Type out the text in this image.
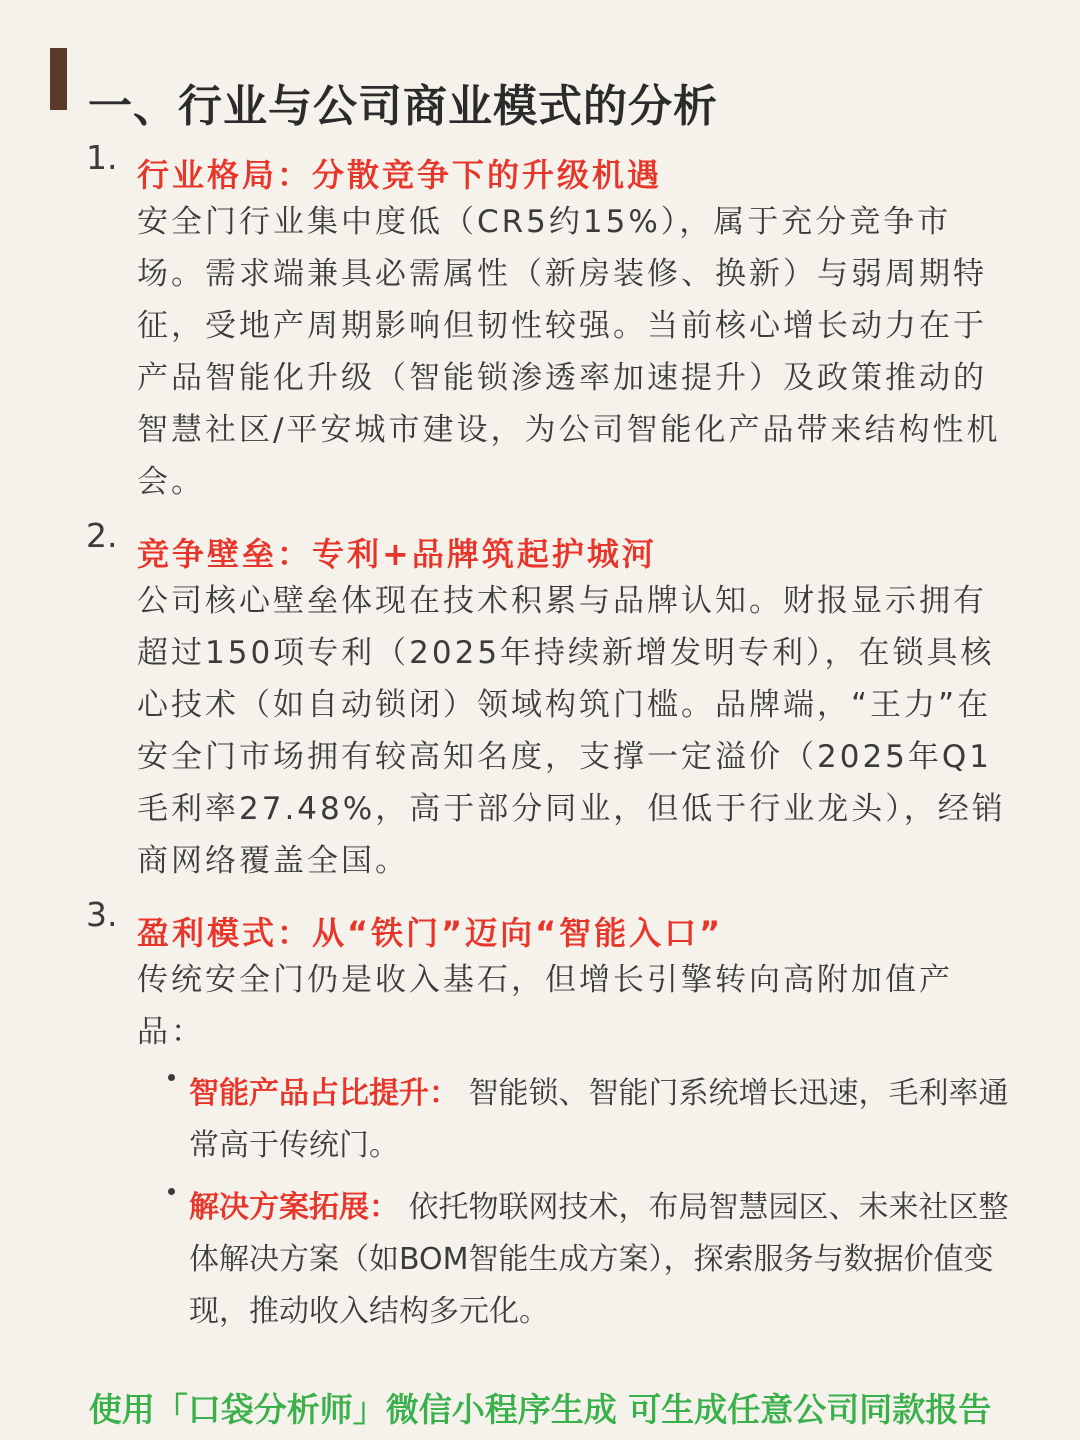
一、行业与公司商业模式的分析
1. 行业格局：分散竞争下的升级机遇
安全门行业集中度低（CR5约15%），属于充分竞争市场。需求端兼具必需属性（新房装修、换新）与弱周期特征，受地产周期影响但韧性较强。当前核心增长动力在于产品智能化升级（智能锁渗透率加速提升）及政策推动的智慧社区/平安城市建设，为公司智能化产品带来结构性机会。
2. 竞争壁垒：专利+品牌筑起护城河
公司核心壁垒体现在技术积累与品牌认知。财报显示拥有超过150项专利（2025年持续新增发明专利），在锁具核心技术（如自动锁闭）领域构筑门槛。品牌端，“王力”在安全门市场拥有较高知名度，支撑一定溢价（2025年Q1毛利率27.48%，高于部分同业，但低于行业龙头），经销商网络覆盖全国。
3. 盈利模式：从“铁门”迈向“智能入口”
传统安全门仍是收入基石，但增长引擎转向高附加值产品：
智能产品占比提升： 智能锁、智能门系统增长迅速，毛利率通常高于传统门。
解决方案拓展： 依托物联网技术，布局智慧园区、未来社区整体解决方案（如BOM智能生成方案），探索服务与数据价值变现，推动收入结构多元化。
使用「口袋分析师」微信小程序生成 可生成任意公司同款报告
